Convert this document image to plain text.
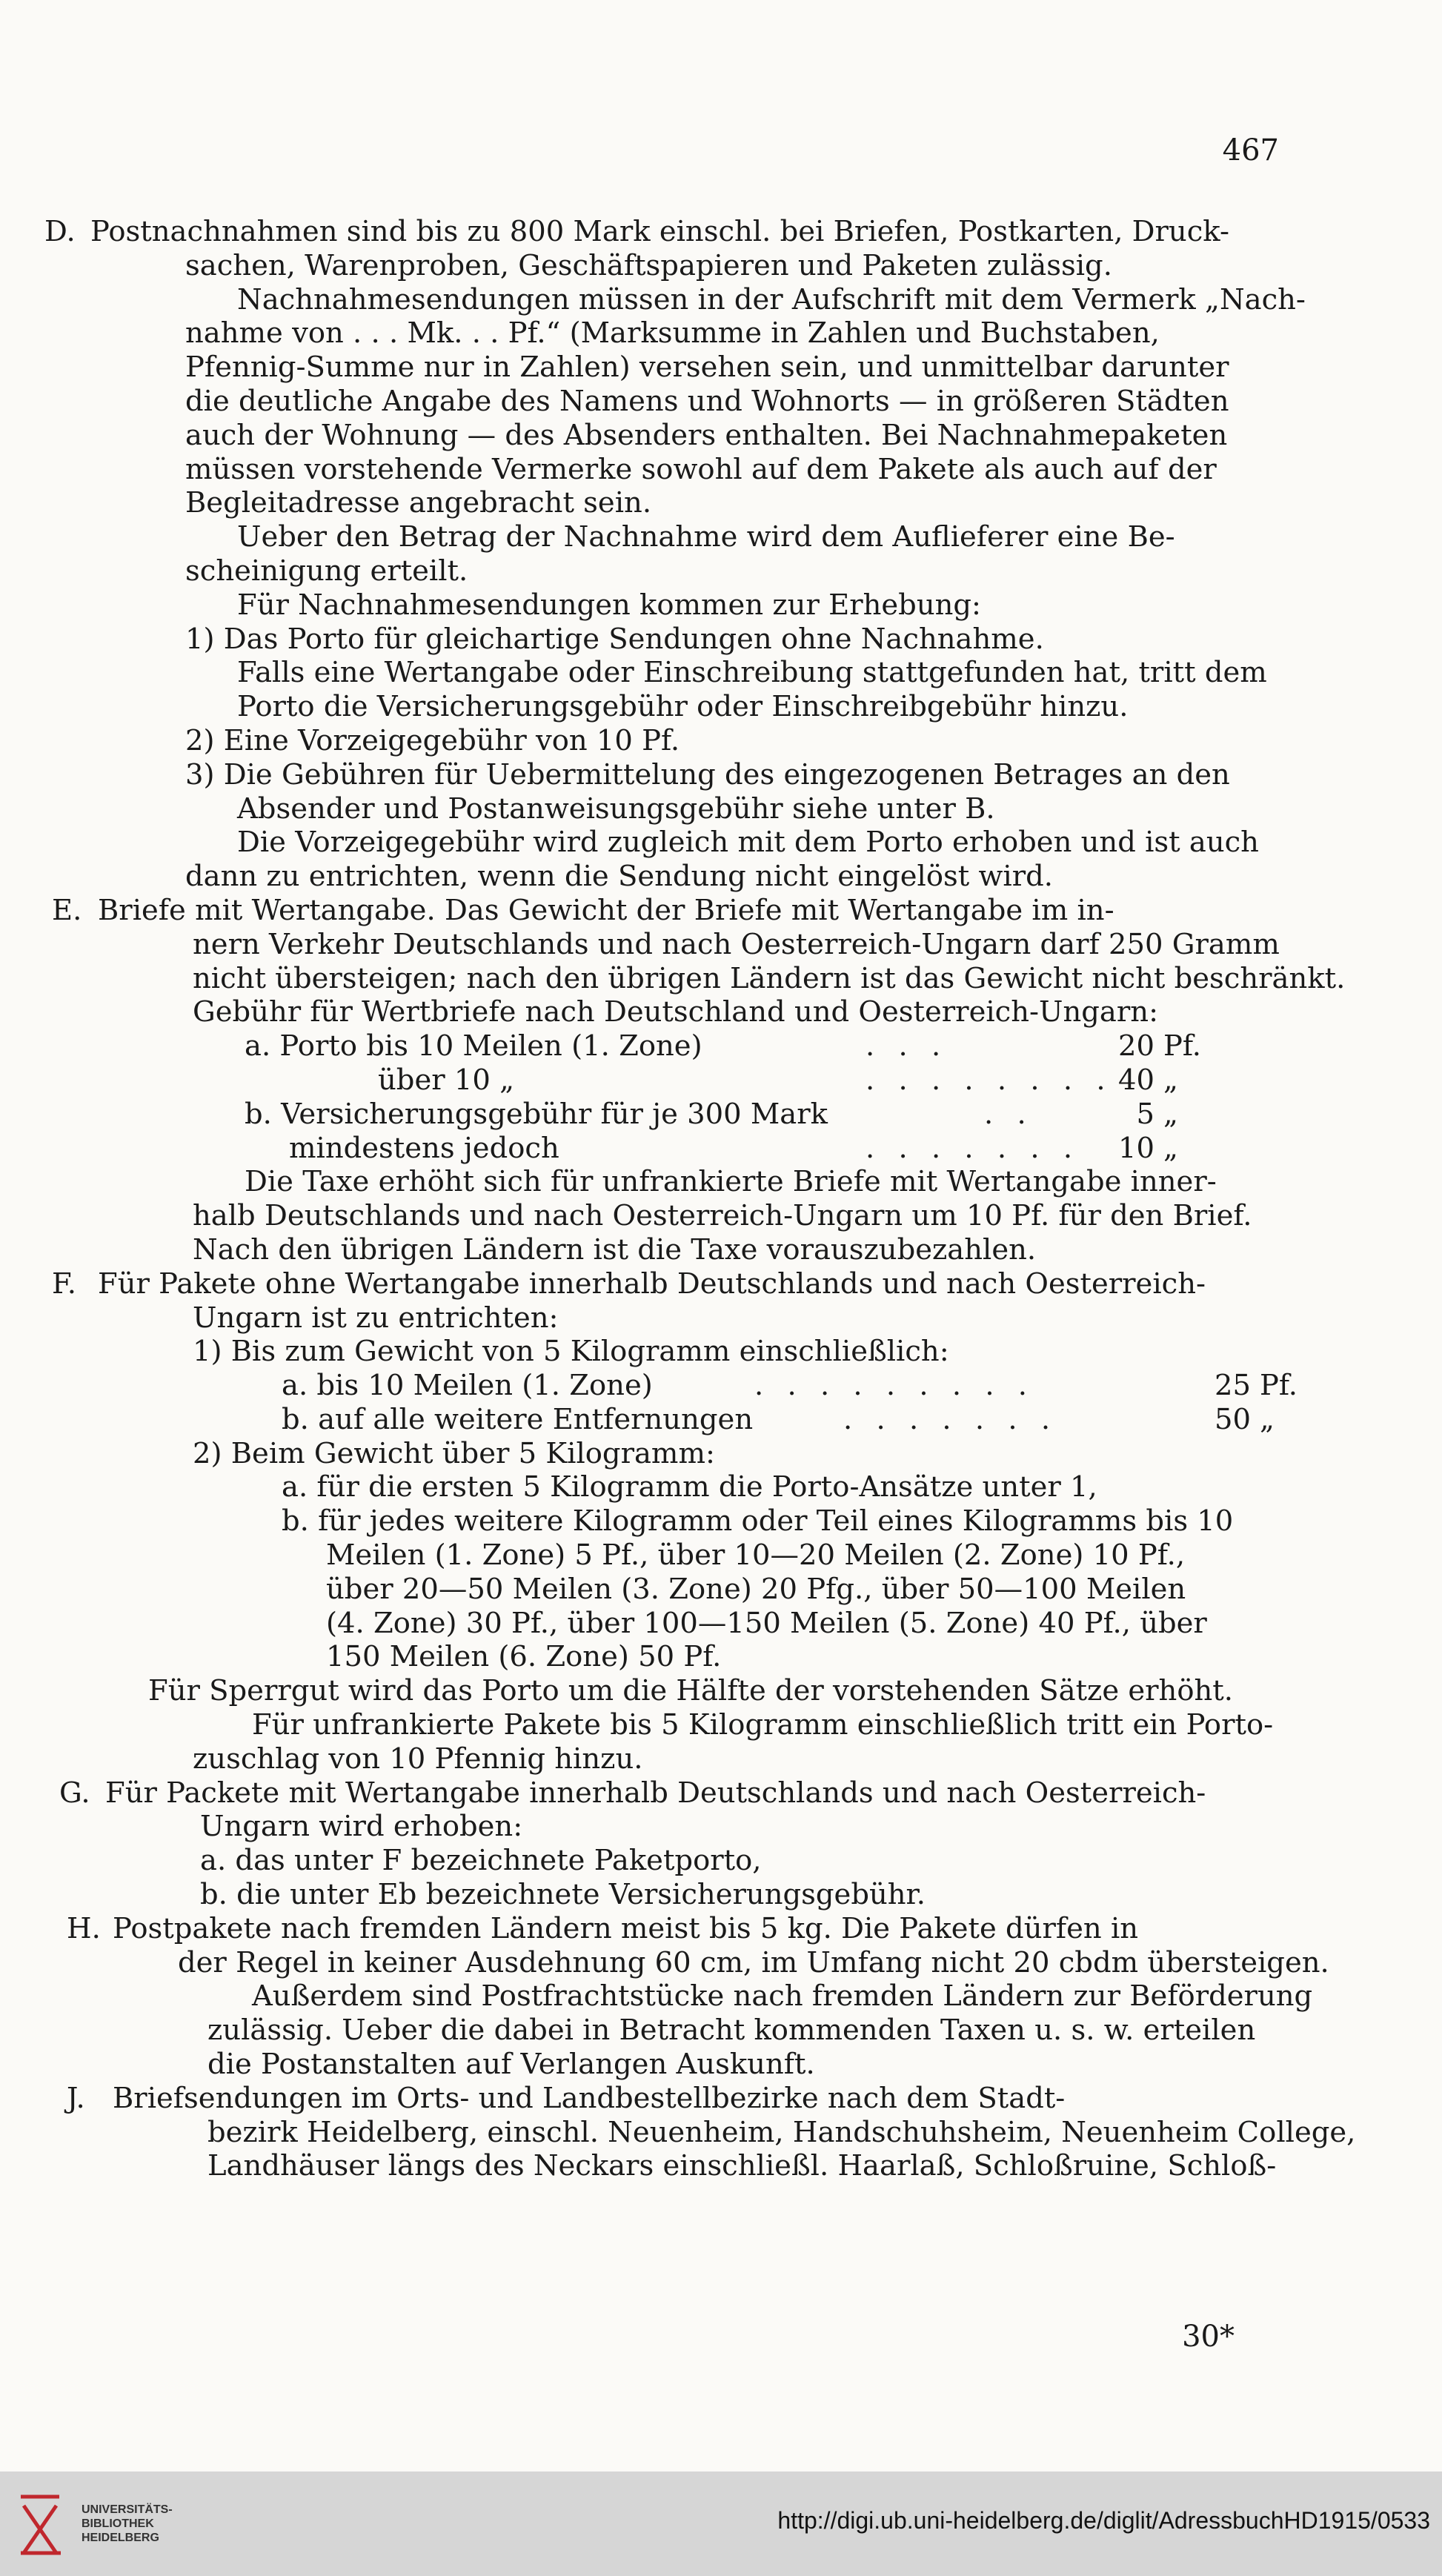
467
D. Postnachnahmen sind bis zu 800 Mark einschl. bei Briefen, Postkarten, Druck-
sachen, Warenproben, Geschäftspapieren und Paketen zulässig.
Nachnahmesendungen müssen in der Aufschrift mit dem Vermerk „Nach-
nahme von . . . Mk. . . Pf.“ (Marksumme in Zahlen und Buchstaben,
Pfennig-Summe nur in Zahlen) versehen sein, und unmittelbar darunter
die deutliche Angabe des Namens und Wohnorts — in größeren Städten
auch der Wohnung — des Absenders enthalten. Bei Nachnahmepaketen
müssen vorstehende Vermerke sowohl auf dem Pakete als auch auf der
Begleitadresse angebracht sein.
Ueber den Betrag der Nachnahme wird dem Auflieferer eine Be-
scheinigung erteilt.
Für Nachnahmesendungen kommen zur Erhebung:
1) Das Porto für gleichartige Sendungen ohne Nachnahme.
Falls eine Wertangabe oder Einschreibung stattgefunden hat, tritt dem
Porto die Versicherungsgebühr oder Einschreibgebühr hinzu.
2) Eine Vorzeigegebühr von 10 Pf.
3) Die Gebühren für Uebermittelung des eingezogenen Betrages an den
Absender und Postanweisungsgebühr siehe unter B.
Die Vorzeigegebühr wird zugleich mit dem Porto erhoben und ist auch
dann zu entrichten, wenn die Sendung nicht eingelöst wird.
E. Briefe mit Wertangabe. Das Gewicht der Briefe mit Wertangabe im in-
nern Verkehr Deutschlands und nach Oesterreich-Ungarn darf 250 Gramm
nicht übersteigen; nach den übrigen Ländern ist das Gewicht nicht beschränkt.
Gebühr für Wertbriefe nach Deutschland und Oesterreich-Ungarn:
a. Porto bis 10 Meilen (1. Zone)	. . .	20 Pf.
über 10 „	. . . . . . . . 40 „
b. Versicherungsgebühr für je 300 Mark	. .	5 „
mindestens jedoch	. . . . . . .	10 „
Die Taxe erhöht sich für unfrankierte Briefe mit Wertangabe inner-
halb Deutschlands und nach Oesterreich-Ungarn um 10 Pf. für den Brief.
Nach den übrigen Ländern ist die Taxe vorauszubezahlen.
F. Für Pakete ohne Wertangabe innerhalb Deutschlands und nach Oesterreich-
Ungarn ist zu entrichten:
1) Bis zum Gewicht von 5 Kilogramm einschließlich:
a. bis 10 Meilen (1. Zone)	. . . . . . . . .	25 Pf.
b. auf alle weitere Entfernungen	. . . . . . .	50 „
2) Beim Gewicht über 5 Kilogramm:
a. für die ersten 5 Kilogramm die Porto-Ansätze unter 1,
b. für jedes weitere Kilogramm oder Teil eines Kilogramms bis 10
Meilen (1. Zone) 5 Pf., über 10—20 Meilen (2. Zone) 10 Pf.,
über 20—50 Meilen (3. Zone) 20 Pfg., über 50—100 Meilen
(4. Zone) 30 Pf., über 100—150 Meilen (5. Zone) 40 Pf., über
150 Meilen (6. Zone) 50 Pf.
Für Sperrgut wird das Porto um die Hälfte der vorstehenden Sätze erhöht.
Für unfrankierte Pakete bis 5 Kilogramm einschließlich tritt ein Porto-
zuschlag von 10 Pfennig hinzu.
G. Für Packete mit Wertangabe innerhalb Deutschlands und nach Oesterreich-
Ungarn wird erhoben:
a. das unter F bezeichnete Paketporto,
b. die unter Eb bezeichnete Versicherungsgebühr.
H. Postpakete nach fremden Ländern meist bis 5 kg. Die Pakete dürfen in
der Regel in keiner Ausdehnung 60 cm, im Umfang nicht 20 cbdm übersteigen.
Außerdem sind Postfrachtstücke nach fremden Ländern zur Beförderung
zulässig. Ueber die dabei in Betracht kommenden Taxen u. s. w. erteilen
die Postanstalten auf Verlangen Auskunft.
J. Briefsendungen im Orts- und Landbestellbezirke nach dem Stadt-
bezirk Heidelberg, einschl. Neuenheim, Handschuhsheim, Neuenheim College,
Landhäuser längs des Neckars einschließl. Haarlaß, Schloßruine, Schloß-
30*
UNIVERSITÄTS-
BIBLIOTHEK
HEIDELBERG
http://digi.ub.uni-heidelberg.de/diglit/AdressbuchHD1915/0533
